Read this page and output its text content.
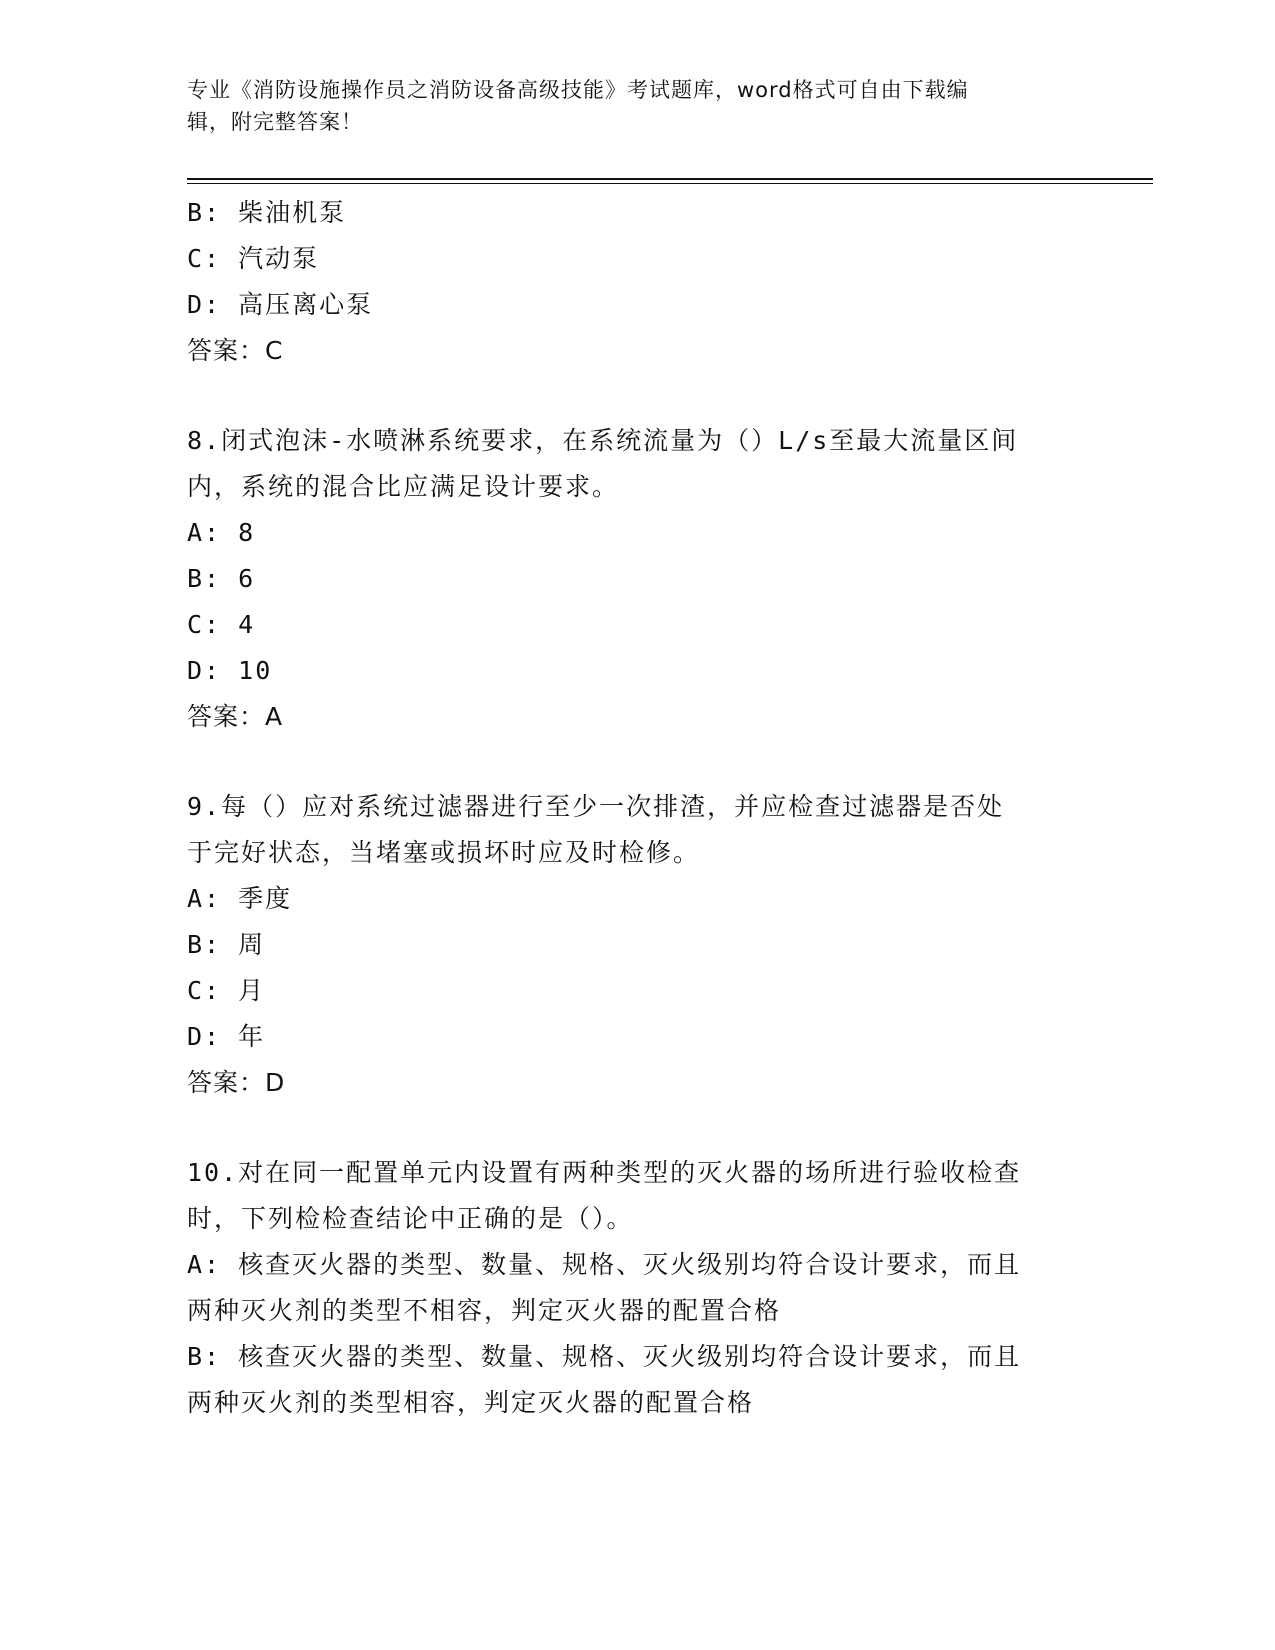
专业《消防设施操作员之消防设备高级技能》考试题库，word格式可自由下载编
辑，附完整答案！
B: 柴油机泵
C: 汽动泵
D: 高压离心泵
答案：C
8.闭式泡沫-水喷淋系统要求，在系统流量为（）L/s至最大流量区间
内，系统的混合比应满足设计要求。
A: 8
B: 6
C: 4
D: 10
答案：A
9.每（）应对系统过滤器进行至少一次排渣，并应检查过滤器是否处
于完好状态，当堵塞或损坏时应及时检修。
A: 季度
B: 周
C: 月
D: 年
答案：D
10.对在同一配置单元内设置有两种类型的灭火器的场所进行验收检查
时，下列检检查结论中正确的是（）。
A: 核查灭火器的类型、数量、规格、灭火级别均符合设计要求，而且
两种灭火剂的类型不相容，判定灭火器的配置合格
B: 核查灭火器的类型、数量、规格、灭火级别均符合设计要求，而且
两种灭火剂的类型相容，判定灭火器的配置合格
